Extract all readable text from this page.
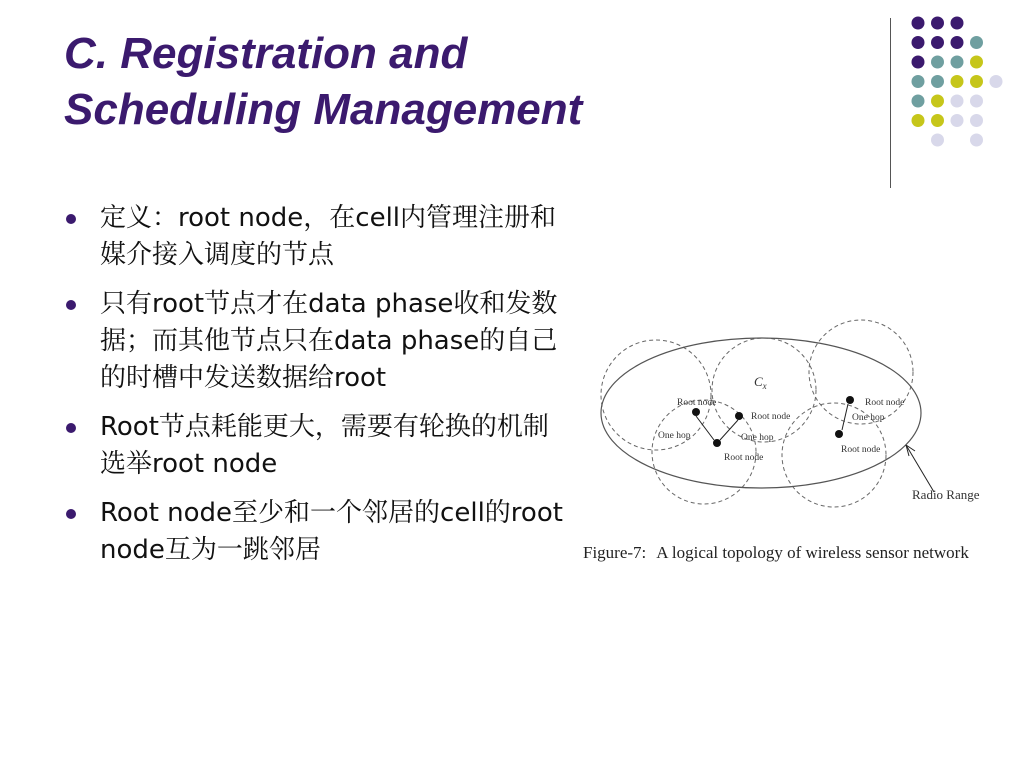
C. Registration and
Scheduling Management
定义：root node，在cell内管理注册和媒介接入调度的节点
只有root节点才在data phase收和发数据；而其他节点只在data phase的自己的时槽中发送数据给root
Root节点耗能更大，需要有轮换的机制选举root node
Root node至少和一个邻居的cell的root node互为一跳邻居
$C_x$
Root node
Root node
Root node
Root node
Root node
One hop	One hop
One hop
Radio Range

Figure-7: A logical topology of wireless sensor network
